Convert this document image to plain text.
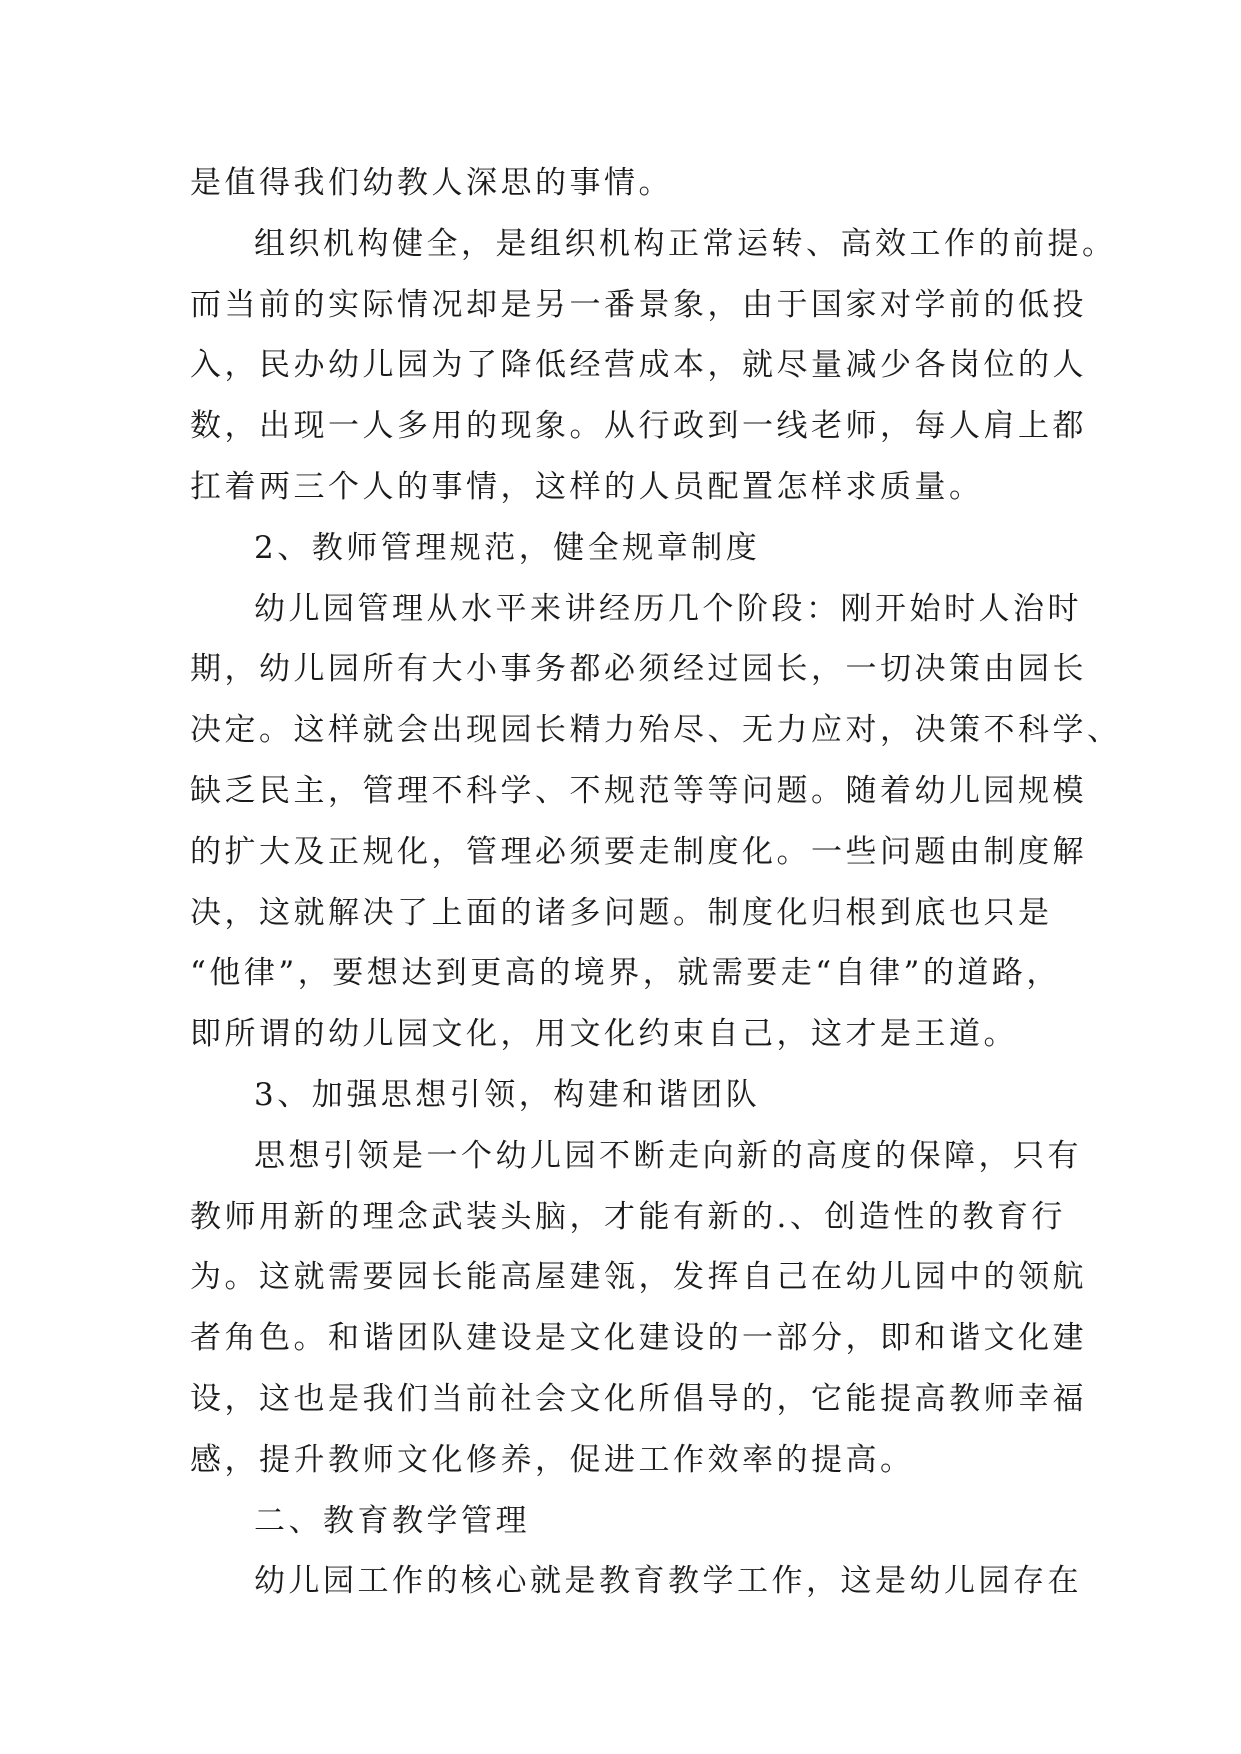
是值得我们幼教人深思的事情。
组织机构健全，是组织机构正常运转、高效工作的前提。
而当前的实际情况却是另一番景象，由于国家对学前的低投
入，民办幼儿园为了降低经营成本，就尽量减少各岗位的人
数，出现一人多用的现象。从行政到一线老师，每人肩上都
扛着两三个人的事情，这样的人员配置怎样求质量。
2、教师管理规范，健全规章制度
幼儿园管理从水平来讲经历几个阶段：刚开始时人治时
期，幼儿园所有大小事务都必须经过园长，一切决策由园长
决定。这样就会出现园长精力殆尽、无力应对，决策不科学、
缺乏民主，管理不科学、不规范等等问题。随着幼儿园规模
的扩大及正规化，管理必须要走制度化。一些问题由制度解
决，这就解决了上面的诸多问题。制度化归根到底也只是
“他律”，要想达到更高的境界，就需要走“自律”的道路，
即所谓的幼儿园文化，用文化约束自己，这才是王道。
3、加强思想引领，构建和谐团队
思想引领是一个幼儿园不断走向新的高度的保障，只有
教师用新的理念武装头脑，才能有新的.、创造性的教育行
为。这就需要园长能高屋建瓴，发挥自己在幼儿园中的领航
者角色。和谐团队建设是文化建设的一部分，即和谐文化建
设，这也是我们当前社会文化所倡导的，它能提高教师幸福
感，提升教师文化修养，促进工作效率的提高。
二、教育教学管理
幼儿园工作的核心就是教育教学工作，这是幼儿园存在
